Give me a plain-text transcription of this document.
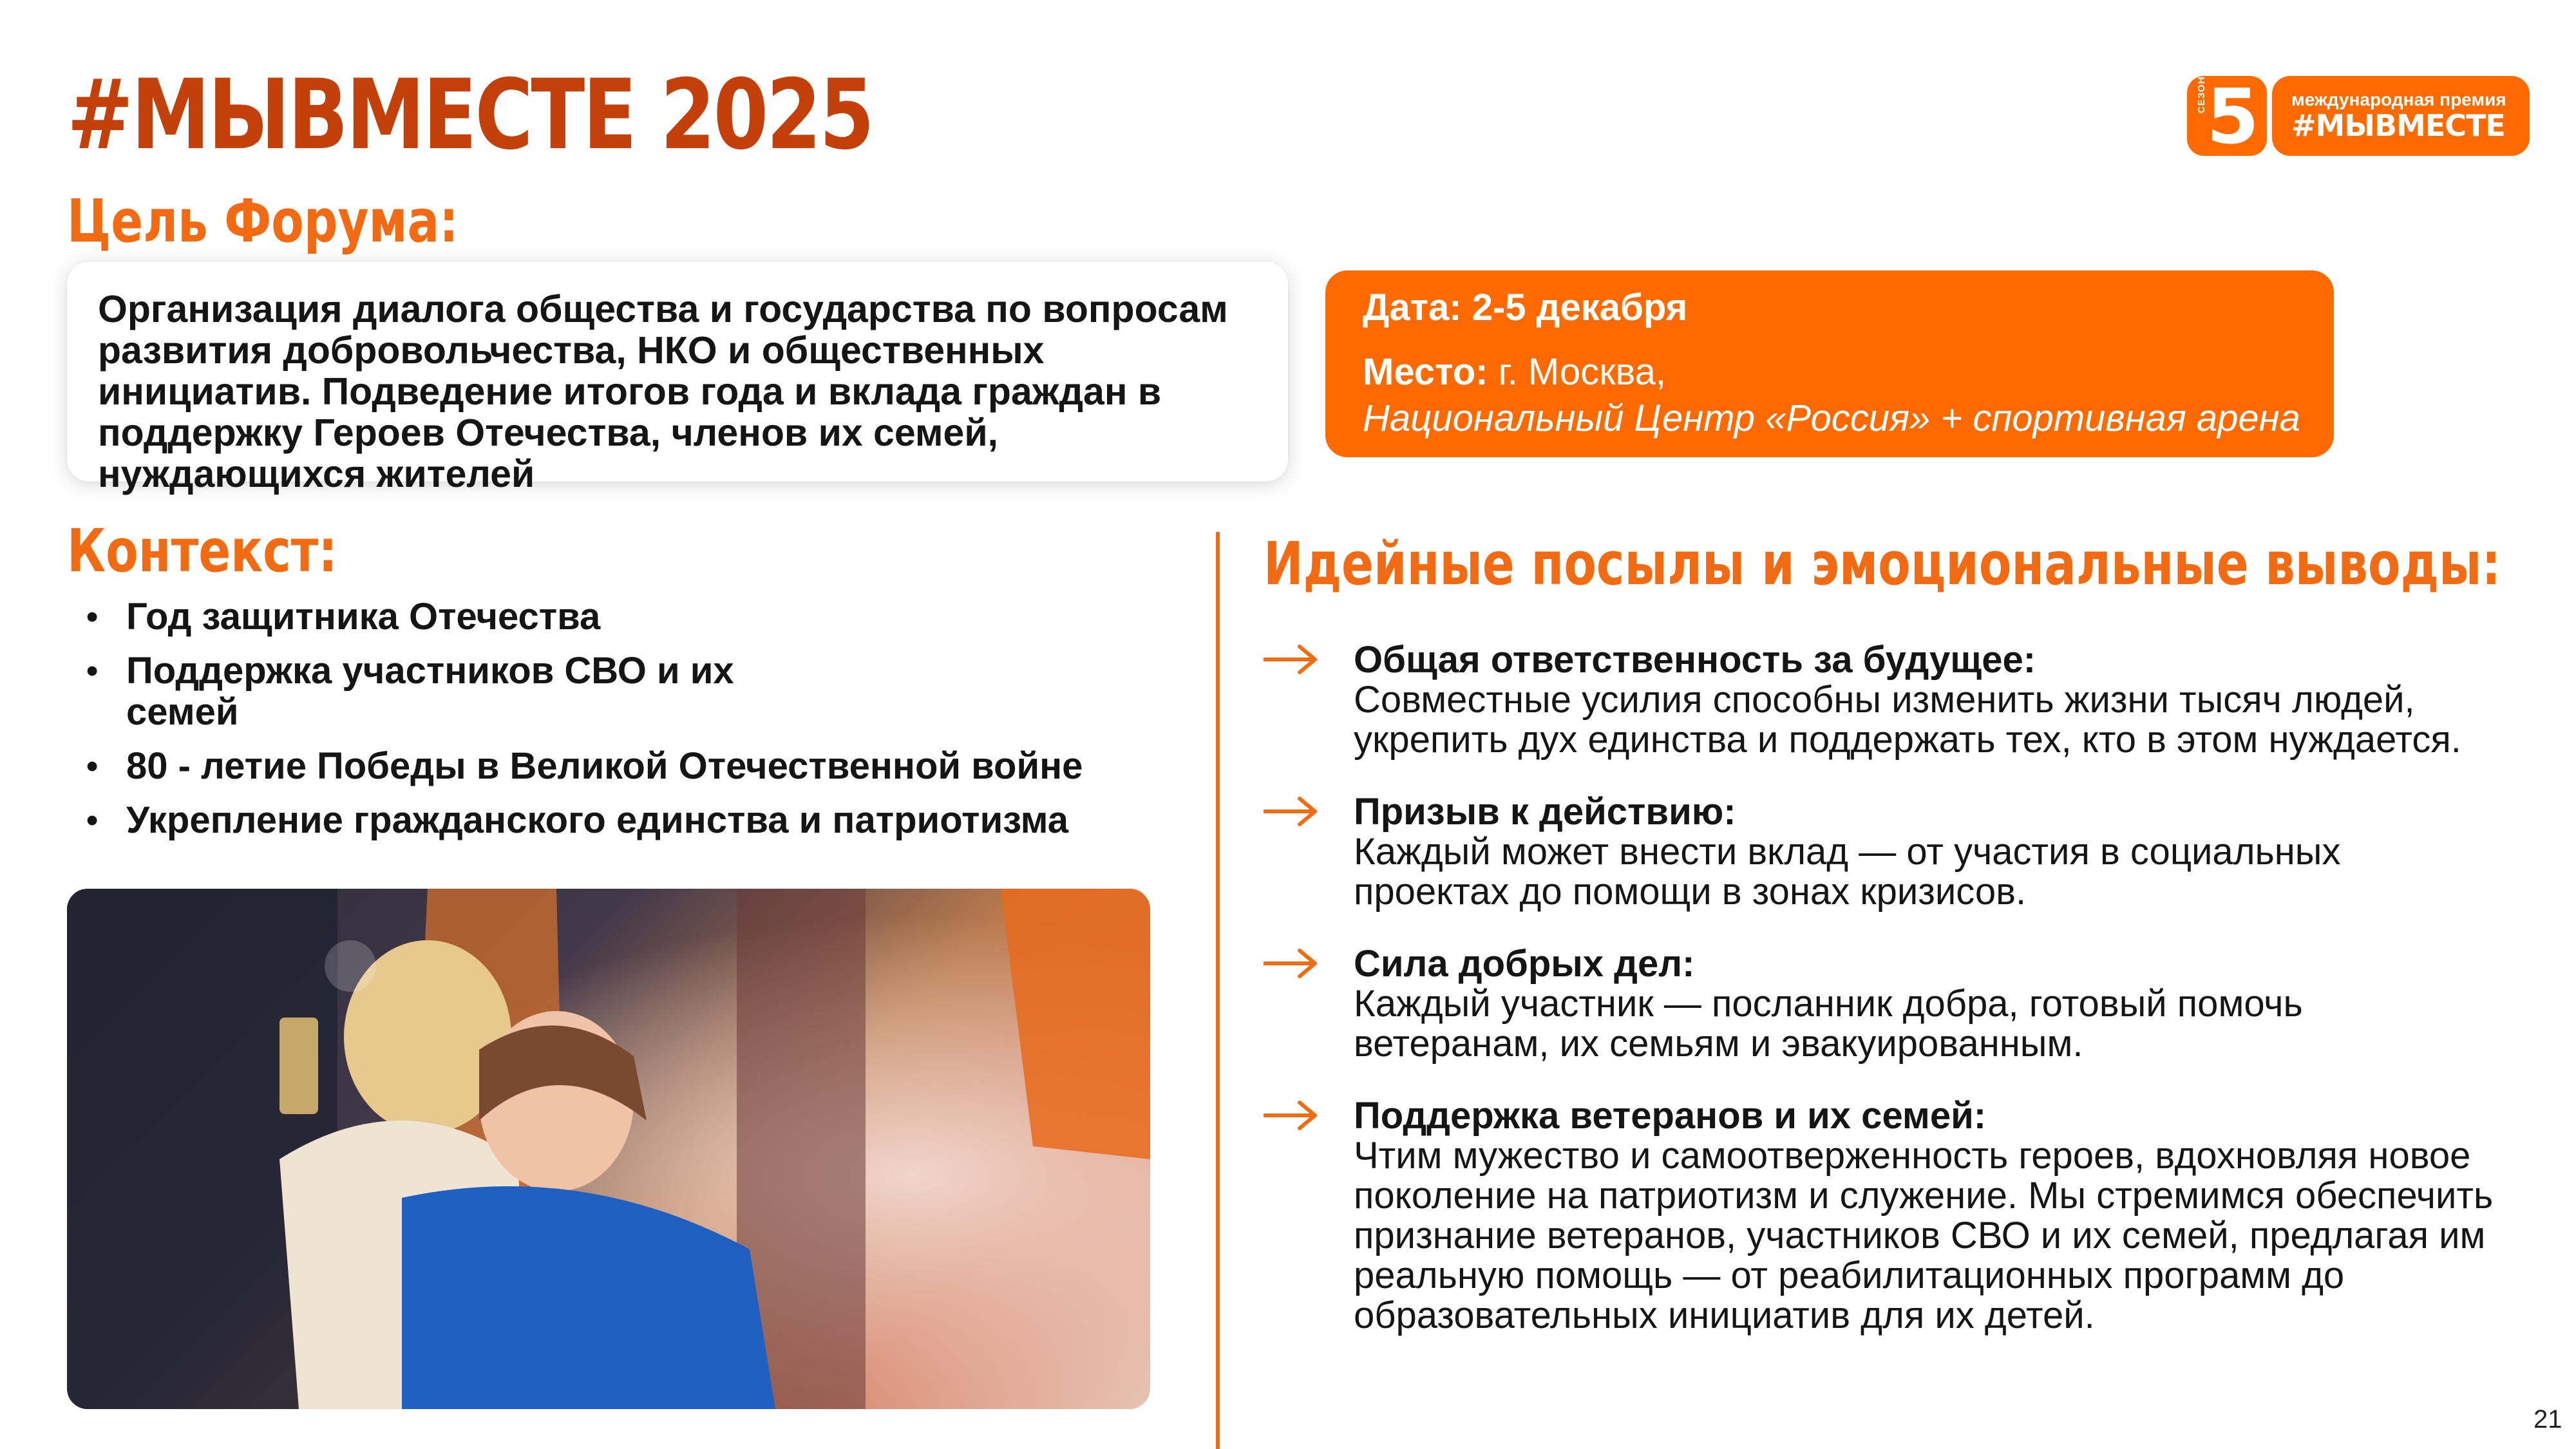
#МЫВМЕСТЕ 2025	СЕЗОН 5 международная премия
#МЫВМЕСТЕ
Цель Форума:

Организация диалога общества и государства по вопросам развития добровольчества, НКО и общественных инициатив. Подведение итогов года и вклада граждан в поддержку Героев Отечества, членов их семей, нуждающихся жителей

Дата: 2-5 декабря
Место: г. Москва,
Национальный Центр «Россия» + спортивная арена
Контекст:
• Год защитника Отечества
• Поддержка участников СВО и их семей
• 80 - летие Победы в Великой Отечественной войне
• Укрепление гражданского единства и патриотизма
Идейные посылы и эмоциональные выводы:
Общая ответственность за будущее:
Совместные усилия способны изменить жизни тысяч людей, укрепить дух единства и поддержать тех, кто в этом нуждается.
Призыв к действию:
Каждый может внести вклад — от участия в социальных проектах до помощи в зонах кризисов.
Сила добрых дел:
Каждый участник — посланник добра, готовый помочь ветеранам, их семьям и эвакуированным.
Поддержка ветеранов и их семей:
Чтим мужество и самоотверженность героев, вдохновляя новое поколение на патриотизм и служение. Мы стремимся обеспечить признание ветеранов, участников СВО и их семей, предлагая им реальную помощь — от реабилитационных программ до образовательных инициатив для их детей.
21
